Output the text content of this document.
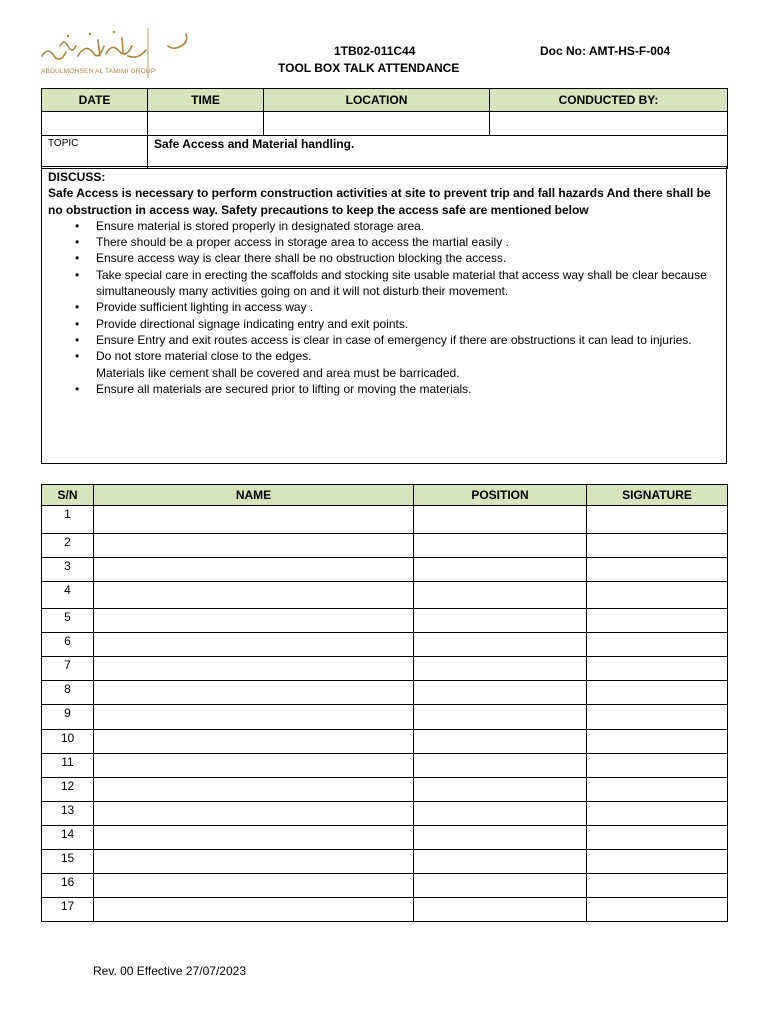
ABDULMOHSEN AL TAMIMI GROUP
1TB02-011C44
TOOL BOX TALK ATTENDANCE
Doc No: AMT-HS-F-004
DATE	TIME	LOCATION	CONDUCTED BY:

TOPIC	Safe Access and Material handling.		
DISCUSS:
Safe Access is necessary to perform construction activities at site to prevent trip and fall hazards And there shall be no obstruction in access way. Safety precautions to keep the access safe are mentioned below
• Ensure material is stored properly in designated storage area.
• There should be a proper access in storage area to access the martial easily .
• Ensure access way is clear there shall be no obstruction blocking the access.
• Take special care in erecting the scaffolds and stocking site usable material that access way shall be clear because simultaneously many activities going on and it will not disturb their movement.
• Provide sufficient lighting in access way .
• Provide directional signage indicating entry and exit points.
• Ensure Entry and exit routes access is clear in case of emergency if there are obstructions it can lead to injuries.
• Do not store material close to the edges.
Materials like cement shall be covered and area must be barricaded.
• Ensure all materials are secured prior to lifting or moving the materials.
S/N	NAME	POSITION	SIGNATURE
1			
2			
3			
4			
5			
6			
7			
8			
9			
10			
11			
12			
13			
14			
15			
16			
17			
Rev. 00 Effective 27/07/2023
